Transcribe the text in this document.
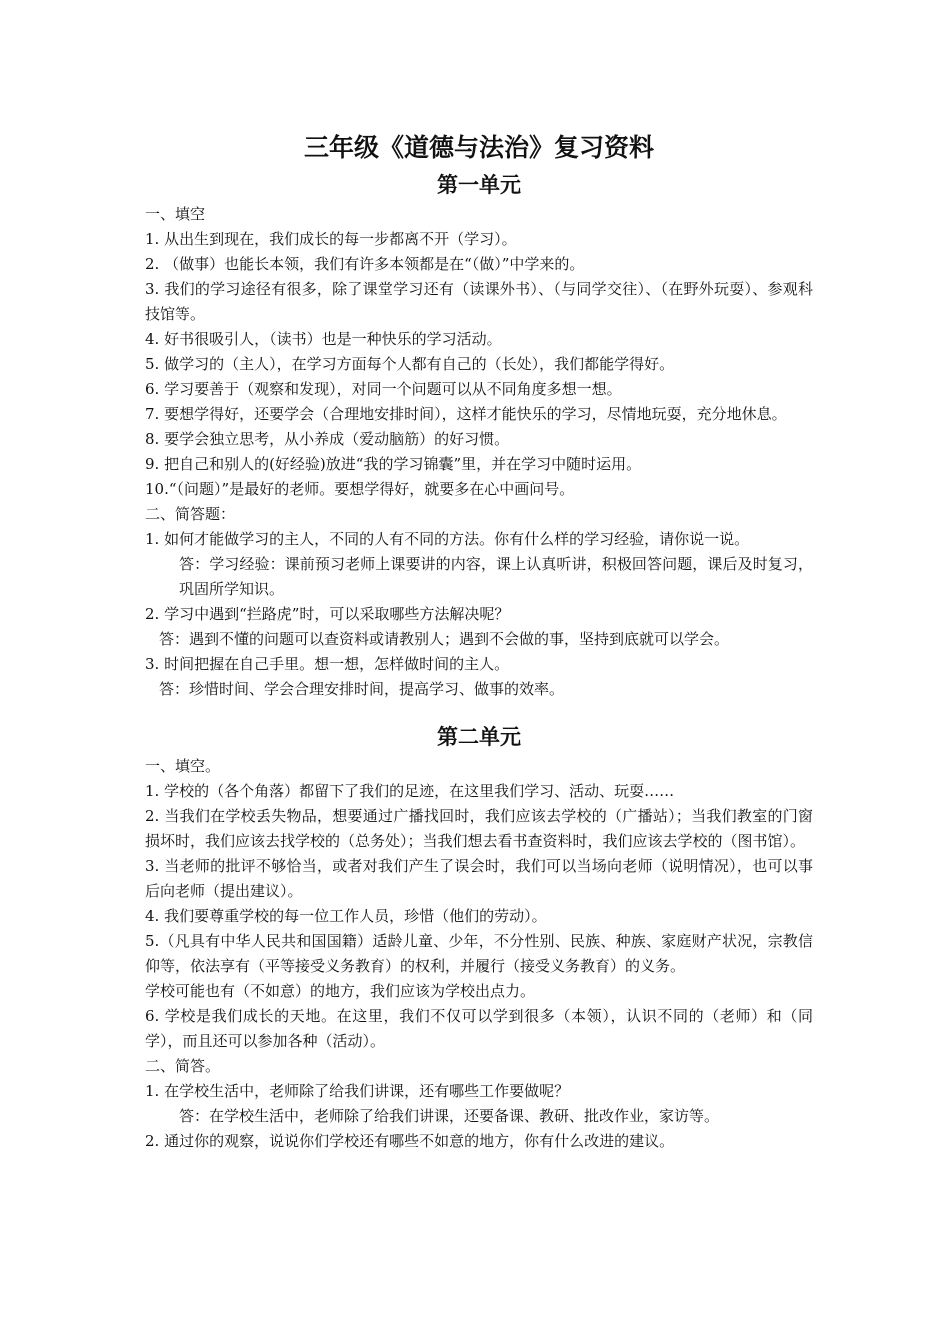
三年级《道德与法治》复习资料
第一单元

一、填空

1. 从出生到现在，我们成长的每一步都离不开（学习）。

2. （做事）也能长本领，我们有许多本领都是在“（做）”中学来的。

3. 我们的学习途径有很多，除了课堂学习还有（读课外书）、（与同学交往）、（在野外玩耍）、参观科技馆等。

4. 好书很吸引人，（读书）也是一种快乐的学习活动。

5. 做学习的（主人），在学习方面每个人都有自己的（长处），我们都能学得好。

6. 学习要善于（观察和发现），对同一个问题可以从不同角度多想一想。

7. 要想学得好，还要学会（合理地安排时间），这样才能快乐的学习，尽情地玩耍，充分地休息。

8. 要学会独立思考，从小养成（爱动脑筋）的好习惯。

9. 把自己和别人的(好经验)放进“我的学习锦囊”里，并在学习中随时运用。

10.“（问题）”是最好的老师。要想学得好，就要多在心中画问号。

二、简答题：

1. 如何才能做学习的主人，不同的人有不同的方法。你有什么样的学习经验，请你说一说。

答：学习经验：课前预习老师上课要讲的内容，课上认真听讲，积极回答问题，课后及时复习，巩固所学知识。

2. 学习中遇到“拦路虎”时，可以采取哪些方法解决呢？

答：遇到不懂的问题可以查资料或请教别人；遇到不会做的事，坚持到底就可以学会。

3. 时间把握在自己手里。想一想，怎样做时间的主人。

答：珍惜时间、学会合理安排时间，提高学习、做事的效率。

第二单元

一、填空。

1. 学校的（各个角落）都留下了我们的足迹，在这里我们学习、活动、玩耍……

2. 当我们在学校丢失物品，想要通过广播找回时，我们应该去学校的（广播站）；当我们教室的门窗损坏时，我们应该去找学校的（总务处）；当我们想去看书查资料时，我们应该去学校的（图书馆）。

3. 当老师的批评不够恰当，或者对我们产生了误会时，我们可以当场向老师（说明情况），也可以事后向老师（提出建议）。

4. 我们要尊重学校的每一位工作人员，珍惜（他们的劳动）。

5.（凡具有中华人民共和国国籍）适龄儿童、少年，不分性别、民族、种族、家庭财产状况，宗教信仰等，依法享有（平等接受义务教育）的权利，并履行（接受义务教育）的义务。

学校可能也有（不如意）的地方，我们应该为学校出点力。

6. 学校是我们成长的天地。在这里，我们不仅可以学到很多（本领），认识不同的（老师）和（同学），而且还可以参加各种（活动）。

二、简答。

1. 在学校生活中，老师除了给我们讲课，还有哪些工作要做呢？

答：在学校生活中，老师除了给我们讲课，还要备课、教研、批改作业，家访等。

2. 通过你的观察，说说你们学校还有哪些不如意的地方，你有什么改进的建议。
